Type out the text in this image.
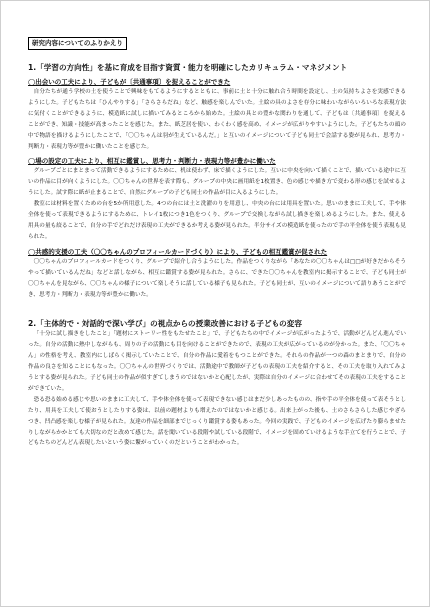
研究内容についてのふりかえり
1.「学習の方向性」を基に育成を目指す資質・能力を明確にしたカリキュラム・マネジメント
◯出会いの工夫により、子どもが〔共通事項〕を捉えることができた
自分たちが通う学校の土を使うことで興味をもてるようにするとともに、事前に土と十分に触れ合う時間を設定し、土の気持ちよさを実感できるようにした。子どもたちは「ひんやりする」「さらさらだね」など、触感を楽しんでいた。土絵の具のよさを存分に味わいながらいろいろな表現方法に気付くことができるように、模造紙に試しに描いてみるところから始めた。土絵の具との豊かな関わりを通して、子どもは〔共通事項〕を捉えることができ、知識・技能が高まったことを感じた。また、紙芝居を使い、わくわく感を高め、イメージが広がりやすいようにした。子どもたちの頭の中で物語を描けるようにしたことで、「〇〇ちゃんは羽が生えているんだ。」と互いのイメージについて子ども同士で会話する姿が見られ、思考力・判断力・表現力等が豊かに働いたことを感じた。
◯場の設定の工夫により、相互に鑑賞し、思考力・判断力・表現力等が豊かに働いた
グループごとにまとまって活動できるようにするために、机は使わず、床で描くようにした。互いに中央を向いて描くことで、描いている途中に互いの作品に目が向くようにした。〇〇ちゃんの世界を表す際も、グループの中央に画用紙を1枚置き、色の感じや描き方で変わる形の感じを試せるようにした。試す際に紙が止まることで、自然にグループの子ども同士の作品が目に入るようにした。
教室には材料を置くための台を5か所用意した。4つの台には土と洗濯のりを用意し、中央の台には用具を置いた。思いのままに工夫して、手や体全体を使って表現できるようにするために、トレイ1枚につき1色をつくり、グループで交換しながら試し描きを楽しめるようにした。また、使える用具の量も絞ることで、自分の手でどれだけ表現の工夫ができるか考える姿が見られた。半分サイズの模造紙を使ったので手の平全体を使う表現も見られた。
◯共感的支援の工夫（〇〇ちゃんのプロフィールカードづくり）により、子どもの相互鑑賞が促された
〇〇ちゃんのプロフィールカードをつくり、グループで紹介し合うようにした。作品をつくりながら「あなたの〇〇ちゃんは□□が好きだからそうやって描いているんだね」などと話しながら、相互に鑑賞する姿が見られた。さらに、できた〇〇ちゃんを教室内に掲示することで、子ども同士が〇〇ちゃんを見ながら、〇〇ちゃんの様子について楽しそうに話している様子も見られた。子ども同士が、互いのイメージについて語りあうことができ、思考力・判断力・表現力等が豊かに働いた。
2.「主体的で・対話的で深い学び」の視点からの授業改善における子どもの変容
「十分に試し描きをしたこと」「題材にストーリー性をもたせたこと」で、子どもたちの中でイメージが広がったようで、活動がどんどん進んでいった。自分の活動に熱中しながらも、周りの子の活動にも目を向けることができたので、表現の工夫が広がっているのが分かった。また、「〇〇ちゃん」の性格を考え、教室内にしばらく掲示していたことで、自分の作品に愛着をもつことができた。それらの作品が一つの森のまとまりで、自分の作品の良さを知ることにもなった。〇〇ちゃんの世界づくりでは、活動途中で教師が子どもの表現の工夫を紹介すると、その工夫を取り入れてみようとする姿が見られた。子ども同士の作品が似すぎてしまうのではないかと心配したが、実際は自分のイメージに合わせてその表現の工夫をすることができていた。
恐る恐る始める感じや思いのままに工夫して、手や体全体を使って表現できない感じはまだ少しあったものの、指や手の平全体を使って表そうとしたり、用具を工夫して使おうとしたりする姿は、以前の題材よりも増えたのではないかと感じる。出来上がった後も、土のさらさらした感じやざらつき、凹凸感を楽しむ様子が見られた。友達の作品を細部までじっくり鑑賞する姿もあった。今回の実践で、子どものイメージを広げたり膨らませたりしながらかかとても大切なのだと改めて感じた。話を聞いている段階や試している段階で、イメージを固めていけるような手立てを行うことで、子どもたちのどんどん表現したいという姿に繋がっていくのだということがわかった。
